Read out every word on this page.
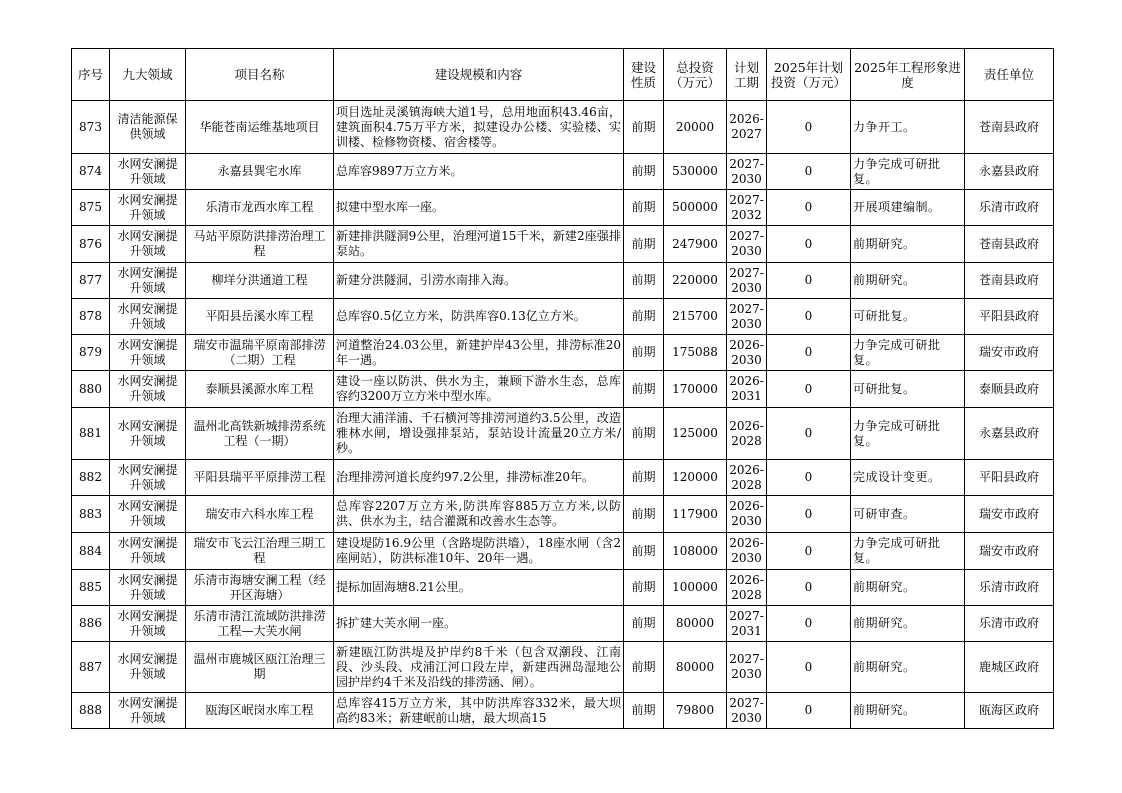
序号	九大领域	项目名称	建设规模和内容	建设性质	总投资（万元）	计划工期	2025年计划投资（万元）	2025年工程形象进度	责任单位
873	清洁能源保供领域	华能苍南运维基地项目	项目选址灵溪镇海峡大道1号，总用地面积43.46亩，建筑面积4.75万平方米，拟建设办公楼、实验楼、实训楼、检修物资楼、宿舍楼等。	前期	20000	2026-2027	0	力争开工。	苍南县政府
874	水网安澜提升领域	永嘉县巽宅水库	总库容9897万立方米。	前期	530000	2027-2030	0	力争完成可研批复。	永嘉县政府
875	水网安澜提升领域	乐清市龙西水库工程	拟建中型水库一座。	前期	500000	2027-2032	0	开展项建编制。	乐清市政府
876	水网安澜提升领域	马站平原防洪排涝治理工程	新建排洪隧洞9公里，治理河道15千米，新建2座强排泵站。	前期	247900	2027-2030	0	前期研究。	苍南县政府
877	水网安澜提升领域	柳垟分洪通道工程	新建分洪隧洞，引涝水南排入海。	前期	220000	2027-2030	0	前期研究。	苍南县政府
878	水网安澜提升领域	平阳县岳溪水库工程	总库容0.5亿立方米，防洪库容0.13亿立方米。	前期	215700	2027-2030	0	可研批复。	平阳县政府
879	水网安澜提升领域	瑞安市温瑞平原南部排涝（二期）工程	河道整治24.03公里，新建护岸43公里，排涝标准20年一遇。	前期	175088	2026-2030	0	力争完成可研批复。	瑞安市政府
880	水网安澜提升领域	泰顺县溪源水库工程	建设一座以防洪、供水为主，兼顾下游水生态，总库容约3200万立方米中型水库。	前期	170000	2026-2031	0	可研批复。	泰顺县政府
881	水网安澜提升领域	温州北高铁新城排涝系统工程（一期）	治理大浦洋浦、千石横河等排涝河道约3.5公里，改造雅林水闸，增设强排泵站，泵站设计流量20立方米/秒。	前期	125000	2026-2028	0	力争完成可研批复。	永嘉县政府
882	水网安澜提升领域	平阳县瑞平平原排涝工程	治理排涝河道长度约97.2公里，排涝标准20年。	前期	120000	2026-2028	0	完成设计变更。	平阳县政府
883	水网安澜提升领域	瑞安市六科水库工程	总库容2207万立方米,防洪库容885万立方米,以防洪、供水为主，结合灌溉和改善水生态等。	前期	117900	2026-2030	0	可研审查。	瑞安市政府
884	水网安澜提升领域	瑞安市飞云江治理三期工程	建设堤防16.9公里（含路堤防洪墙），18座水闸（含2座闸站），防洪标准10年、20年一遇。	前期	108000	2026-2030	0	力争完成可研批复。	瑞安市政府
885	水网安澜提升领域	乐清市海塘安澜工程（经开区海塘）	提标加固海塘8.21公里。	前期	100000	2026-2028	0	前期研究。	乐清市政府
886	水网安澜提升领域	乐清市清江流域防洪排涝工程—大芙水闸	拆扩建大芙水闸一座。	前期	80000	2027-2031	0	前期研究。	乐清市政府
887	水网安澜提升领域	温州市鹿城区瓯江治理三期	新建瓯江防洪堤及护岸约8千米（包含双潮段、江南段、沙头段、戍浦江河口段左岸，新建西洲岛湿地公园护岸约4千米及沿线的排涝涵、闸）。	前期	80000	2027-2030	0	前期研究。	鹿城区政府
888	水网安澜提升领域	瓯海区岷岗水库工程	总库容415万立方米，其中防洪库容332米，最大坝高约83米；新建岷前山塘，最大坝高15	前期	79800	2027-2030	0	前期研究。	瓯海区政府
